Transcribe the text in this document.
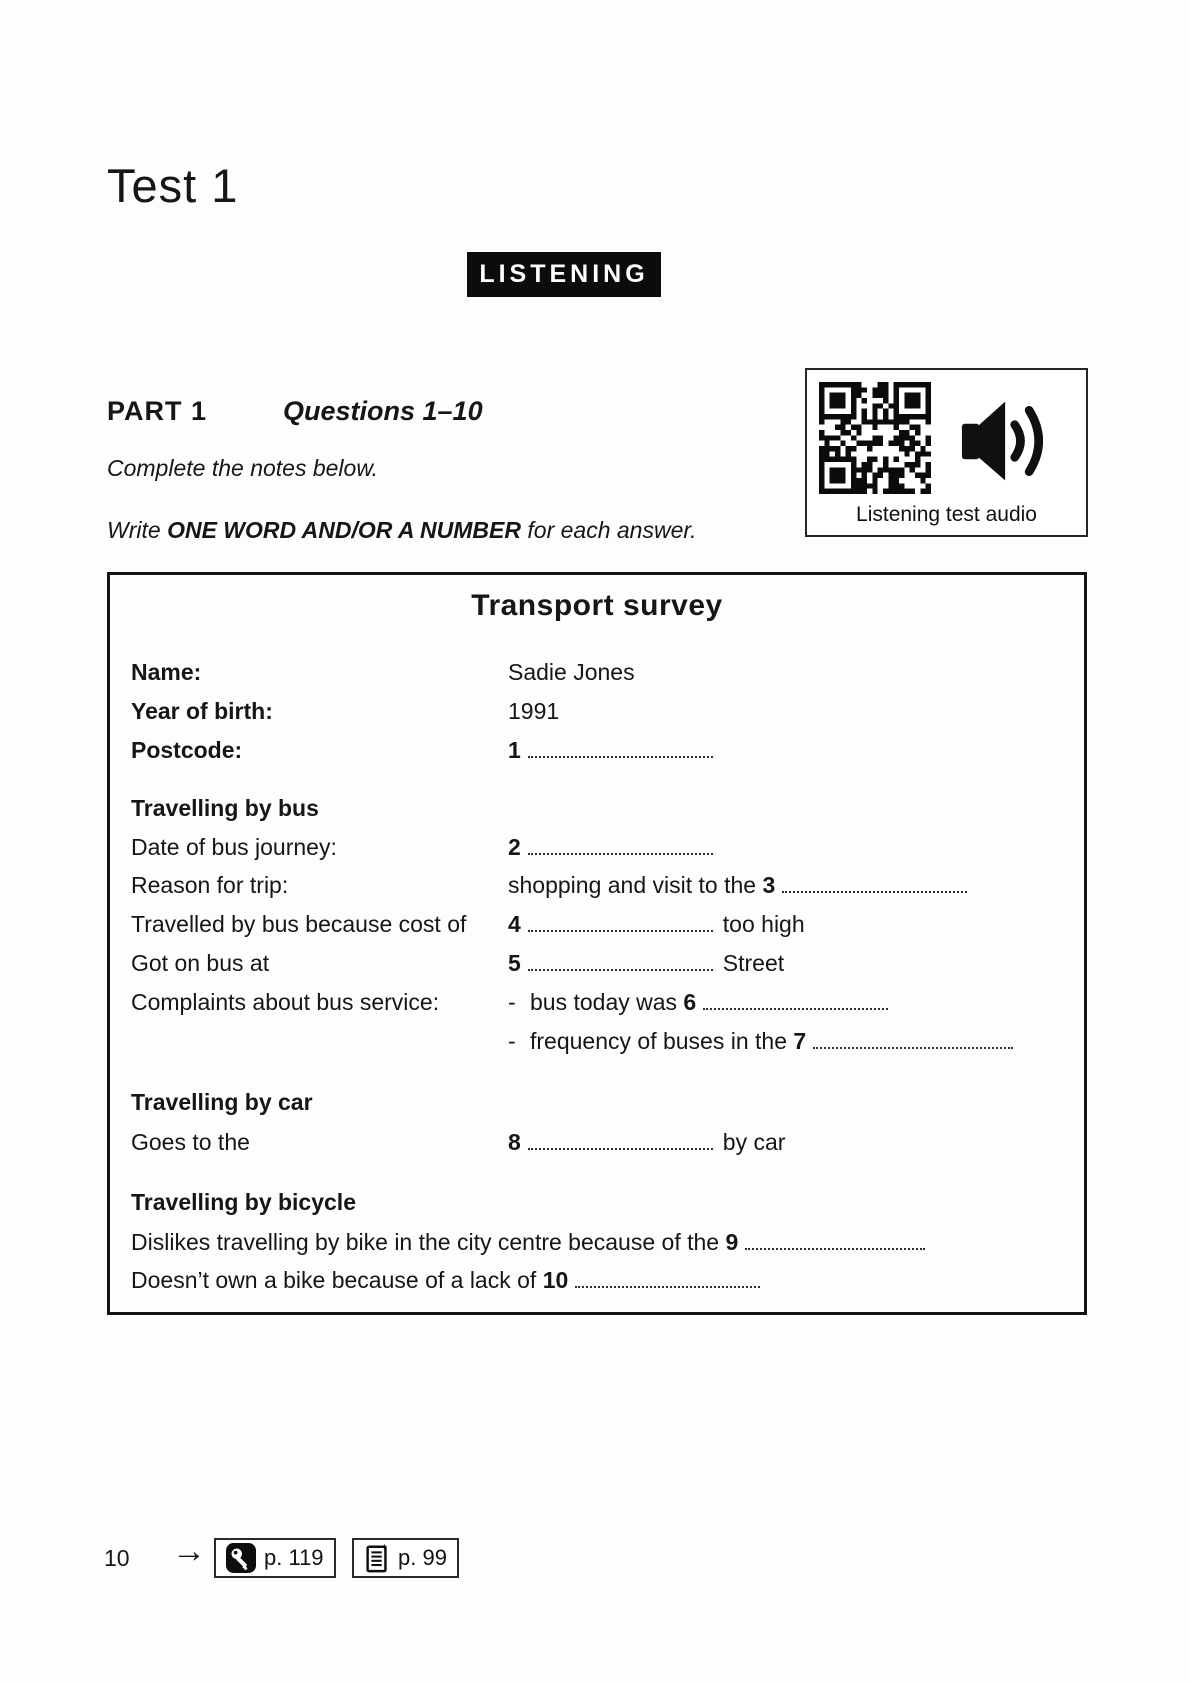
Test 1
LISTENING
PART 1	Questions 1–10
Complete the notes below.
Write ONE WORD AND/OR A NUMBER for each answer.
Listening test audio
Transport survey
Name:	Sadie Jones
Year of birth:	1991
Postcode:	1
Travelling by bus
Date of bus journey:	2
Reason for trip:	shopping and visit to the 3
Travelled by bus because cost of 4	too high
Got on bus at	5	Street
Complaints about bus service:	- bus today was 6
- frequency of buses in the 7
Travelling by car
Goes to the	8	by car
Travelling by bicycle
Dislikes travelling by bike in the city centre because of the 9
Doesn’t own a bike because of a lack of 10
10 →	p. 119	p. 99
